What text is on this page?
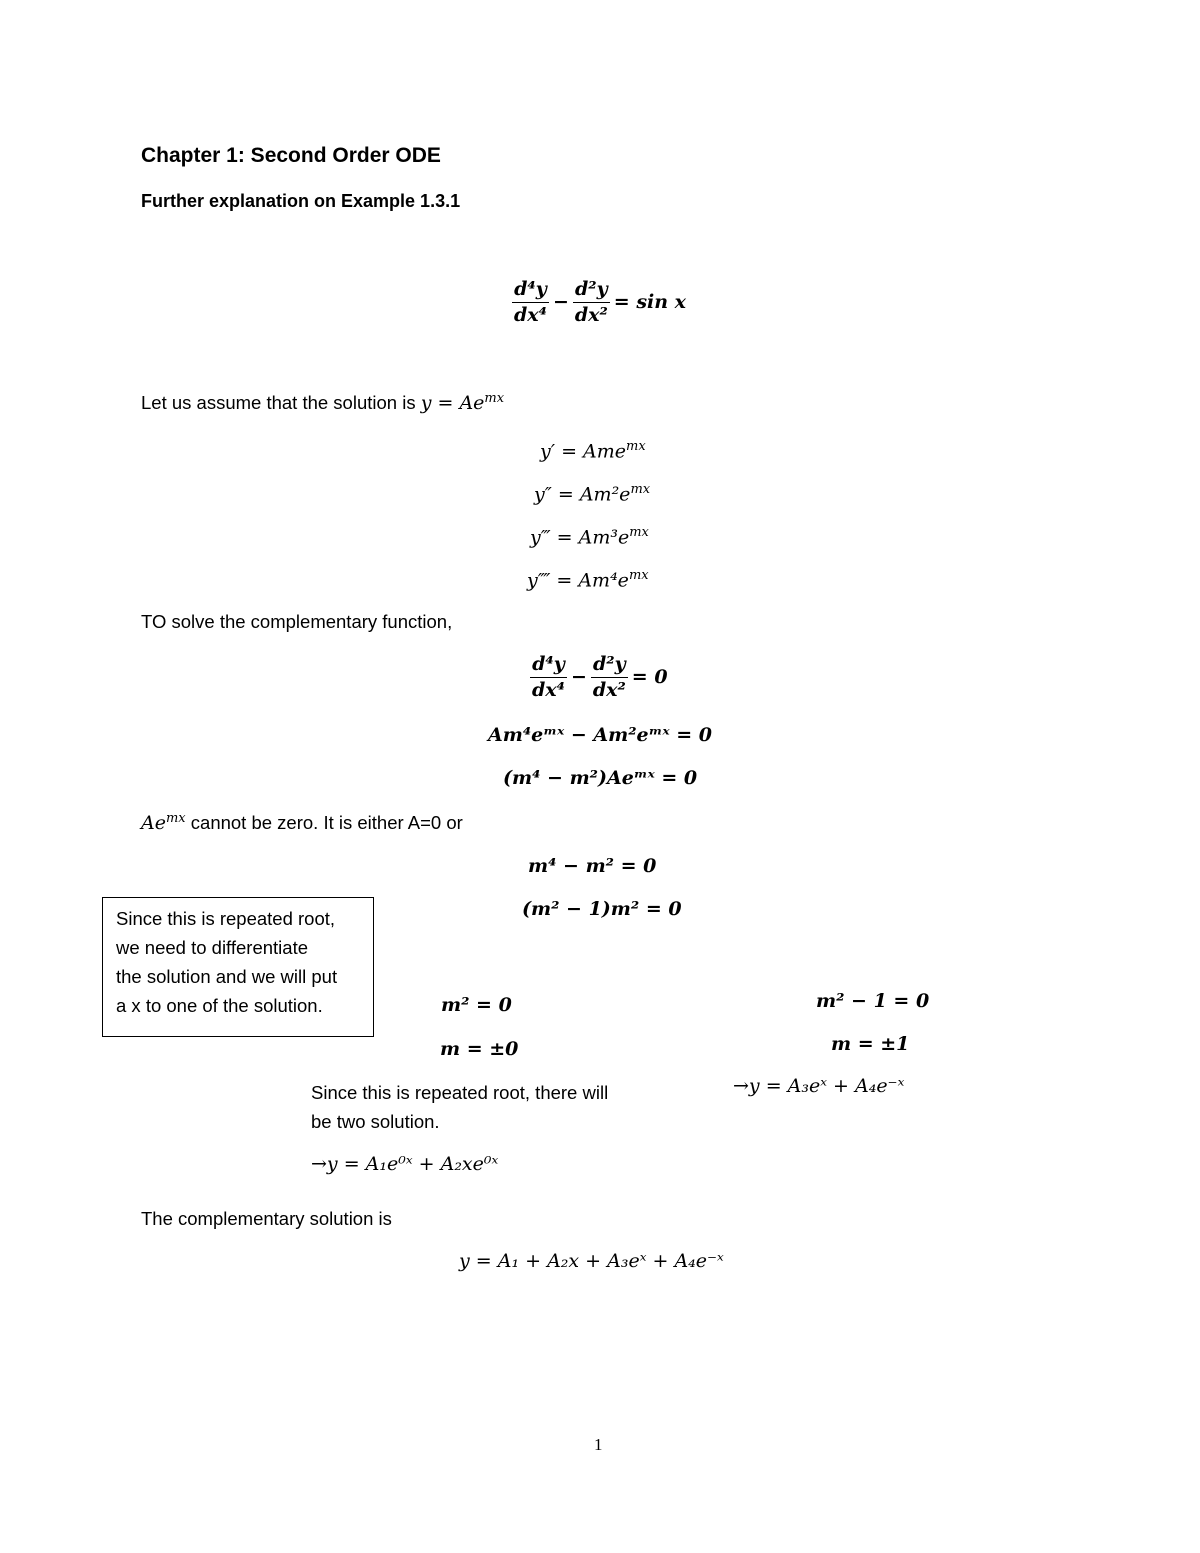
Chapter 1: Second Order ODE
Further explanation on Example 1.3.1
$\frac{\text{d⁴y}}{\text{dx⁴}} - \frac{\text{d²y}}{\text{dx²}} = \sin x$
Let us assume that the solution is $y = Ae^{mx}$
y′ = Ame$^{mx}$
$y'' = Am^2e^{mx}$
y‴ = $Am^3e^{mx}$
y⁗ = $Am^4e^{mx}$
TO solve the complementary function,
$\frac{\text{d⁴y}}{\text{dx⁴}} - \frac{\text{d²y}}{\text{dx²}} = 0$
Am⁴eᵐˣ − Am²eᵐˣ = 0
(m⁴ − m²)Aeᵐˣ = 0
$Ae^{mx}$ cannot be zero. It is either A=0 or
m⁴ − m² = 0
(m² − 1)m² = 0
Since this is repeated root,
we need to differentiate
the solution and we will put
a x to one of the solution.	m² = 0
m = ±0
Since this is repeated root, there will
be two solution.
→y = A₁e⁰ˣ + A₂xe⁰ˣ
m² − 1 = 0
m = ±1
→y = A₃eˣ + A₄e⁻ˣ
The complementary solution is
y = A₁ + A₂x + A₃eˣ + A₄e⁻ˣ
1
